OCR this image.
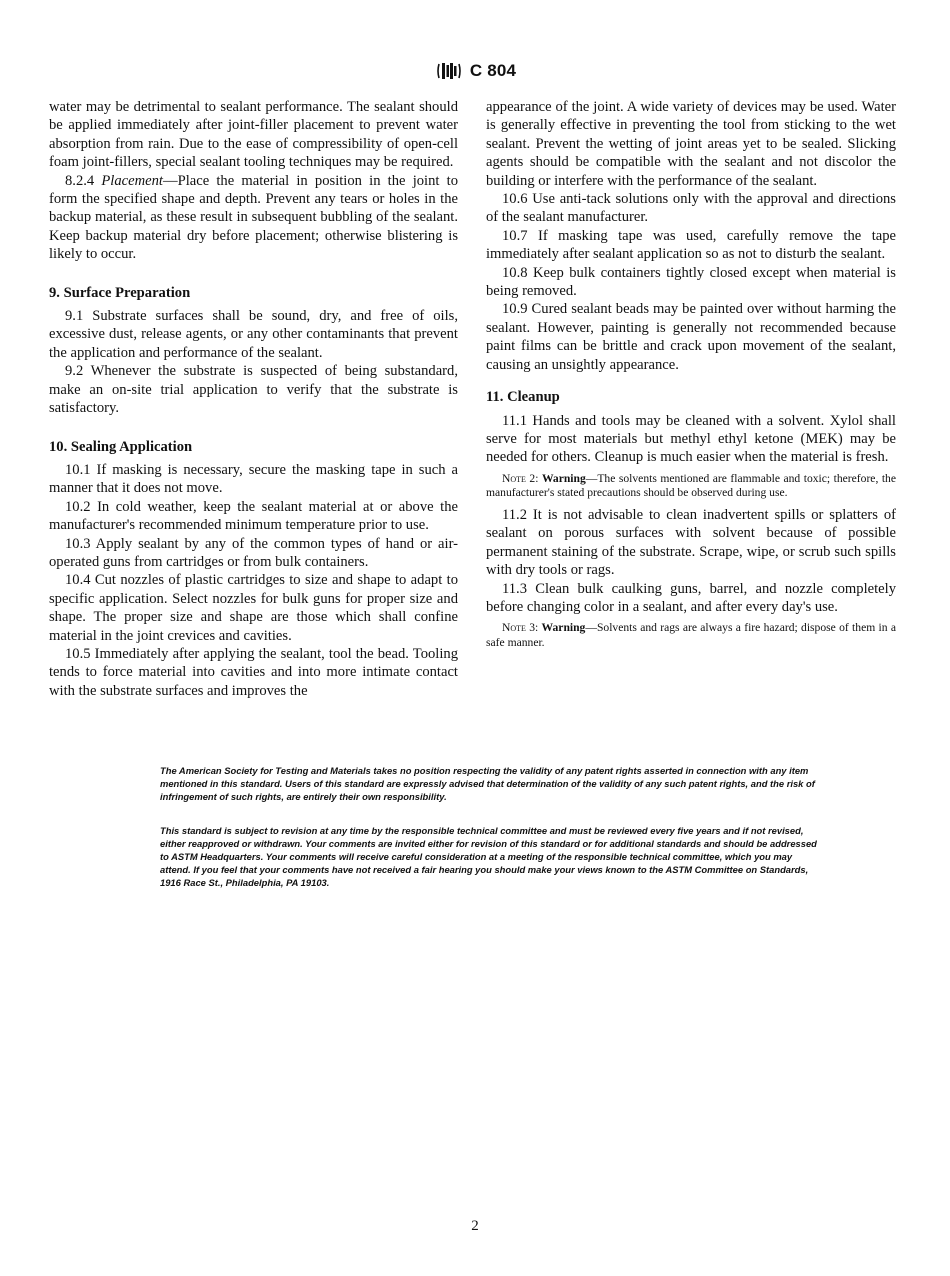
C 804

water may be detrimental to sealant performance. The sealant should be applied immediately after joint-filler placement to prevent water absorption from rain. Due to the ease of compressibility of open-cell foam joint-fillers, special sealant tooling techniques may be required.

8.2.4 Placement—Place the material in position in the joint to form the specified shape and depth. Prevent any tears or holes in the backup material, as these result in subsequent bubbling of the sealant. Keep backup material dry before placement; otherwise blistering is likely to occur.

9. Surface Preparation

9.1 Substrate surfaces shall be sound, dry, and free of oils, excessive dust, release agents, or any other contaminants that prevent the application and performance of the sealant.

9.2 Whenever the substrate is suspected of being substandard, make an on-site trial application to verify that the substrate is satisfactory.

10. Sealing Application

10.1 If masking is necessary, secure the masking tape in such a manner that it does not move.

10.2 In cold weather, keep the sealant material at or above the manufacturer's recommended minimum temperature prior to use.

10.3 Apply sealant by any of the common types of hand or air-operated guns from cartridges or from bulk containers.

10.4 Cut nozzles of plastic cartridges to size and shape to adapt to specific application. Select nozzles for bulk guns for proper size and shape. The proper size and shape are those which shall confine material in the joint crevices and cavities.

10.5 Immediately after applying the sealant, tool the bead. Tooling tends to force material into cavities and into more intimate contact with the substrate surfaces and improves the

appearance of the joint. A wide variety of devices may be used. Water is generally effective in preventing the tool from sticking to the wet sealant. Prevent the wetting of joint areas yet to be sealed. Slicking agents should be compatible with the sealant and not discolor the building or interfere with the performance of the sealant.

10.6 Use anti-tack solutions only with the approval and directions of the sealant manufacturer.

10.7 If masking tape was used, carefully remove the tape immediately after sealant application so as not to disturb the sealant.

10.8 Keep bulk containers tightly closed except when material is being removed.

10.9 Cured sealant beads may be painted over without harming the sealant. However, painting is generally not recommended because paint films can be brittle and crack upon movement of the sealant, causing an unsightly appearance.

11. Cleanup

11.1 Hands and tools may be cleaned with a solvent. Xylol shall serve for most materials but methyl ethyl ketone (MEK) may be needed for others. Cleanup is much easier when the material is fresh.

Note 2: Warning—The solvents mentioned are flammable and toxic; therefore, the manufacturer's stated precautions should be observed during use.

11.2 It is not advisable to clean inadvertent spills or splatters of sealant on porous surfaces with solvent because of possible permanent staining of the substrate. Scrape, wipe, or scrub such spills with dry tools or rags.

11.3 Clean bulk caulking guns, barrel, and nozzle completely before changing color in a sealant, and after every day's use.

Note 3: Warning—Solvents and rags are always a fire hazard; dispose of them in a safe manner.

The American Society for Testing and Materials takes no position respecting the validity of any patent rights asserted in connection with any item mentioned in this standard. Users of this standard are expressly advised that determination of the validity of any such patent rights, and the risk of infringement of such rights, are entirely their own responsibility.
This standard is subject to revision at any time by the responsible technical committee and must be reviewed every five years and if not revised, either reapproved or withdrawn. Your comments are invited either for revision of this standard or for additional standards and should be addressed to ASTM Headquarters. Your comments will receive careful consideration at a meeting of the responsible technical committee, which you may attend. If you feel that your comments have not received a fair hearing you should make your views known to the ASTM Committee on Standards, 1916 Race St., Philadelphia, PA 19103.
2
